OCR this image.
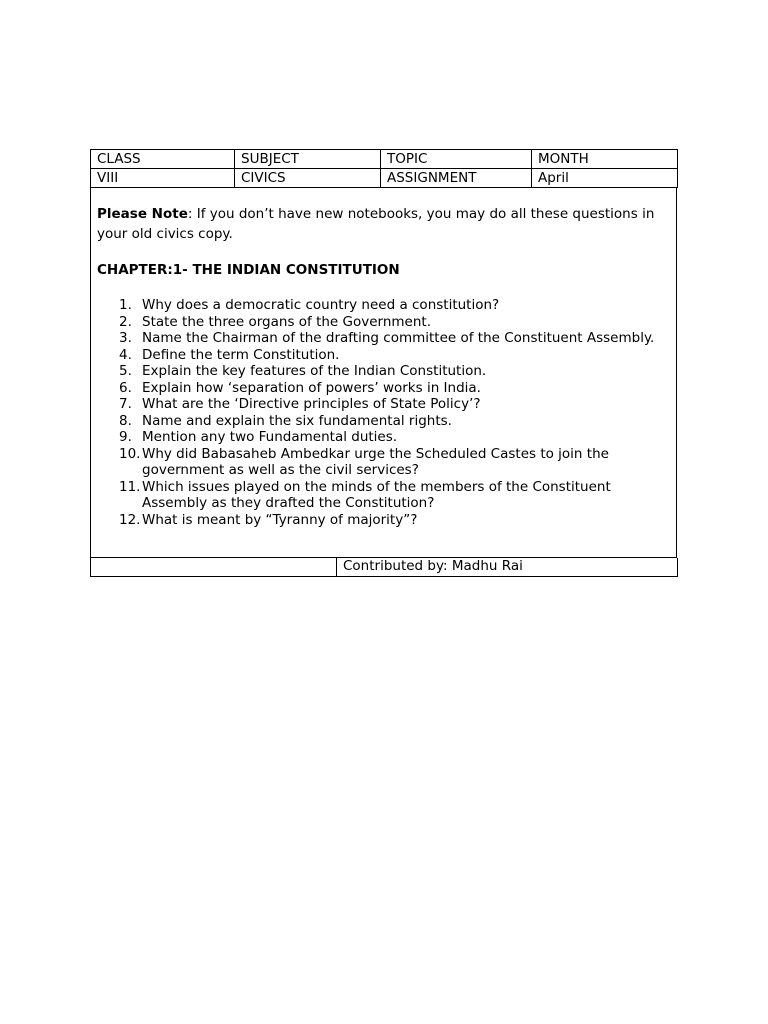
CLASS	SUBJECT	TOPIC	MONTH
VIII	CIVICS	ASSIGNMENT	April

Please Note: If you don’t have new notebooks, you may do all these questions in your old civics copy.

CHAPTER:1- THE INDIAN CONSTITUTION
1. Why does a democratic country need a constitution?
2. State the three organs of the Government.
3. Name the Chairman of the drafting committee of the Constituent Assembly.
4. Define the term Constitution.
5. Explain the key features of the Indian Constitution.
6. Explain how ‘separation of powers’ works in India.
7. What are the ‘Directive principles of State Policy’?
8. Name and explain the six fundamental rights.
9. Mention any two Fundamental duties.
10. Why did Babasaheb Ambedkar urge the Scheduled Castes to join the government as well as the civil services?
11. Which issues played on the minds of the members of the Constituent Assembly as they drafted the Constitution?
12. What is meant by “Tyranny of majority”?
	Contributed by: Madhu Rai
